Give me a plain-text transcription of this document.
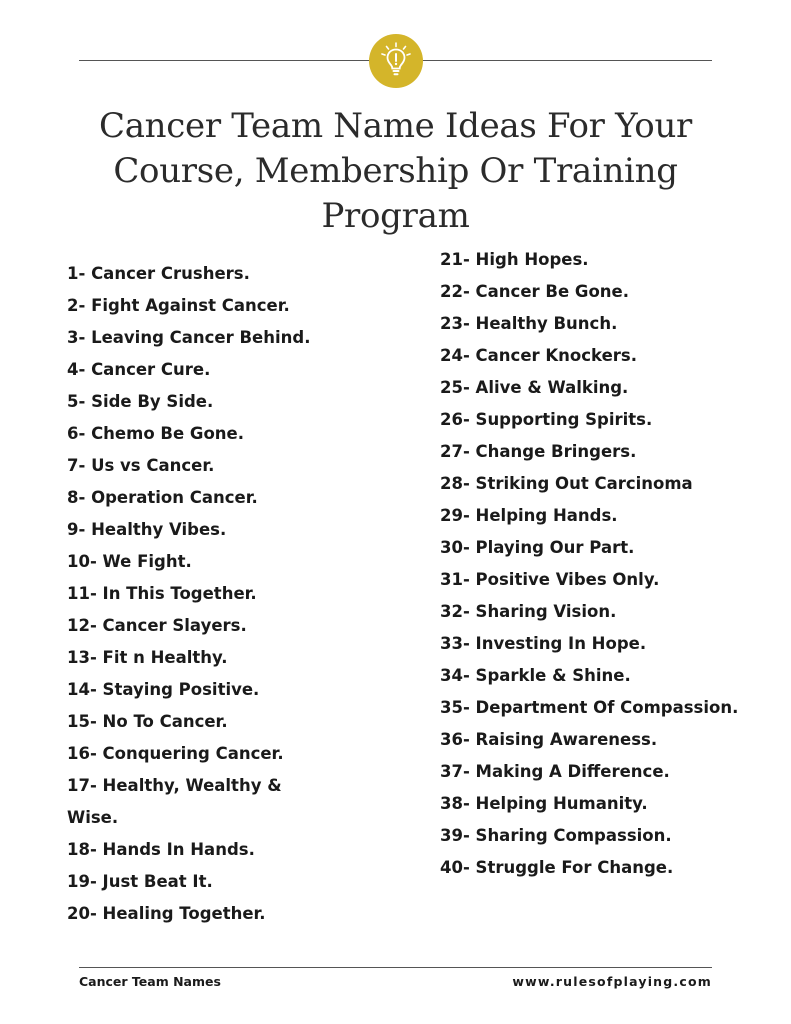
Cancer Team Name Ideas For Your Course, Membership Or Training Program
1- Cancer Crushers.
2- Fight Against Cancer.
3- Leaving Cancer Behind.
4- Cancer Cure.
5- Side By Side.
6- Chemo Be Gone.
7- Us vs Cancer.
8- Operation Cancer.
9- Healthy Vibes.
10- We Fight.
11- In This Together.
12- Cancer Slayers.
13- Fit n Healthy.
14- Staying Positive.
15- No To Cancer.
16- Conquering Cancer.
17- Healthy, Wealthy & Wise.
18- Hands In Hands.
19- Just Beat It.
20- Healing Together.
21- High Hopes.
22- Cancer Be Gone.
23- Healthy Bunch.
24- Cancer Knockers.
25- Alive & Walking.
26- Supporting Spirits.
27- Change Bringers.
28- Striking Out Carcinoma
29- Helping Hands.
30- Playing Our Part.
31- Positive Vibes Only.
32- Sharing Vision.
33- Investing In Hope.
34- Sparkle & Shine.
35- Department Of Compassion.
36- Raising Awareness.
37- Making A Difference.
38- Helping Humanity.
39- Sharing Compassion.
40- Struggle For Change.
Cancer Team Names	www.rulesofplaying.com
